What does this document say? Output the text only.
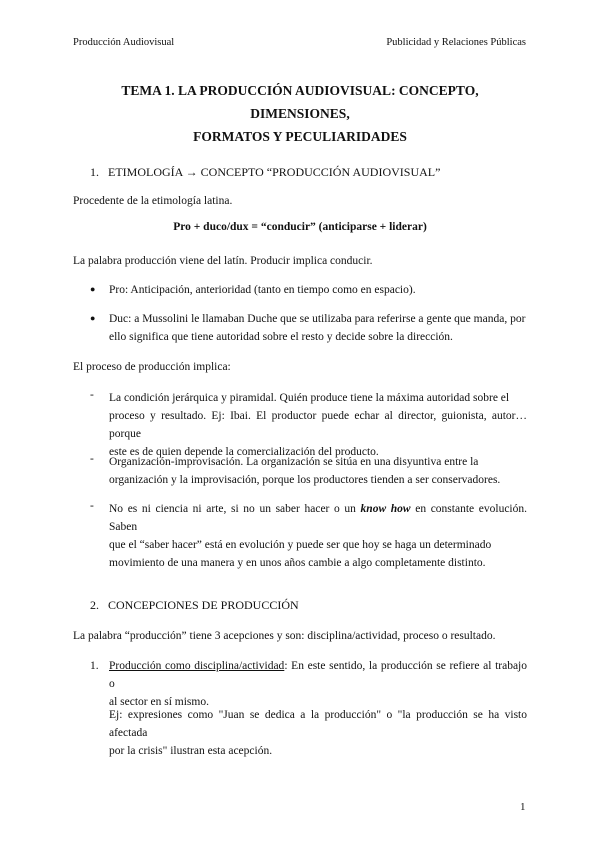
Producción Audiovisual	Publicidad y Relaciones Públicas
TEMA 1. LA PRODUCCIÓN AUDIOVISUAL: CONCEPTO, DIMENSIONES,
FORMATOS Y PECULIARIDADES
1. ETIMOLOGÍA → CONCEPTO “PRODUCCIÓN AUDIOVISUAL”
Procedente de la etimología latina.
Pro + duco/dux = “conducir” (anticiparse + liderar)
La palabra producción viene del latín. Producir implica conducir.
● Pro: Anticipación, anterioridad (tanto en tiempo como en espacio).
● Duc: a Mussolini le llamaban Duche que se utilizaba para referirse a gente que manda, por
ello significa que tiene autoridad sobre el resto y decide sobre la dirección.
El proceso de producción implica:
- La condición jerárquica y piramidal. Quién produce tiene la máxima autoridad sobre el
proceso y resultado. Ej: Ibai. El productor puede echar al director, guionista, autor… porque
este es de quien depende la comercialización del producto.
- Organización-improvisación. La organización se sitúa en una disyuntiva entre la
organización y la improvisación, porque los productores tienden a ser conservadores.
- No es ni ciencia ni arte, si no un saber hacer o un know how en constante evolución. Saben
que el “saber hacer” está en evolución y puede ser que hoy se haga un determinado
movimiento de una manera y en unos años cambie a algo completamente distinto.
2. CONCEPCIONES DE PRODUCCIÓN
La palabra “producción” tiene 3 acepciones y son: disciplina/actividad, proceso o resultado.
1. Producción como disciplina/actividad: En este sentido, la producción se refiere al trabajo o
al sector en sí mismo.
Ej: expresiones como "Juan se dedica a la producción" o "la producción se ha visto afectada
por la crisis" ilustran esta acepción.
1
